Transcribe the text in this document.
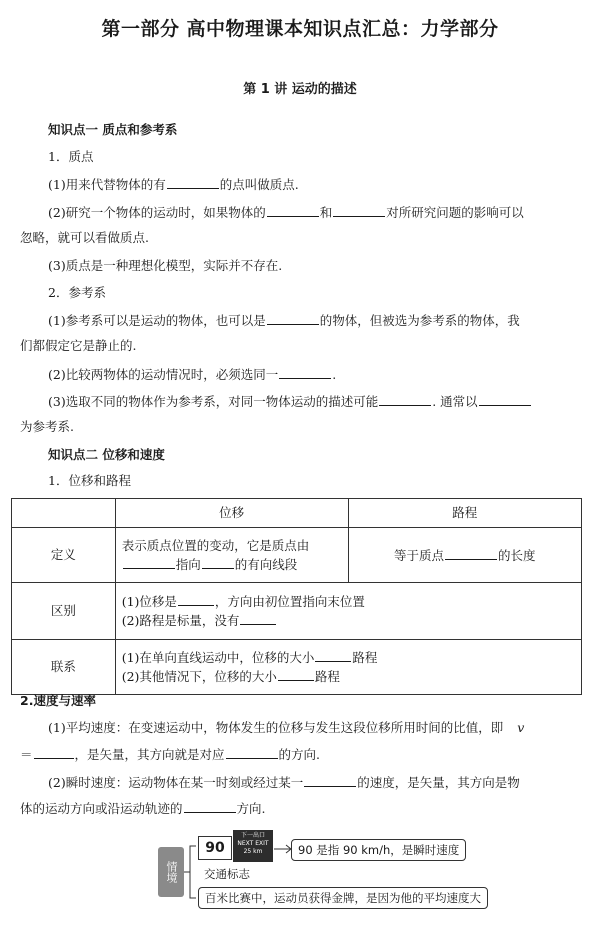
第一部分 高中物理课本知识点汇总：力学部分
第 1 讲 运动的描述
知识点一 质点和参考系
1．质点
(1)用来代替物体的有	的点叫做质点.
(2)研究一个物体的运动时，如果物体的	和	对所研究问题的影响可以
忽略，就可以看做质点.
(3)质点是一种理想化模型，实际并不存在.
2．参考系
(1)参考系可以是运动的物体，也可以是	的物体，但被选为参考系的物体，我
们都假定它是静止的.
(2)比较两物体的运动情况时，必须选同一	.
(3)选取不同的物体作为参考系，对同一物体运动的描述可能	. 通常以
为参考系.
知识点二 位移和速度
1．位移和路程
	位移	路程
定义	表示质点位置的变动，它是质点由
指向 的有向线段	等于质点 的长度
区别	(1)位移是 ，方向由初位置指向末位置
(2)路程是标量，没有	

联系	(1)在单向直线运动中，位移的大小 路程
(2)其他情况下，位移的大小 路程	
2.速度与速率
(1)平均速度：在变速运动中，物体发生的位移与发生这段位移所用时间的比值，即 v
＝	，是矢量，其方向就是对应	的方向.
(2)瞬时速度：运动物体在某一时刻或经过某一	的速度，是矢量，其方向是物
体的运动方向或沿运动轨迹的	方向.
情境
90
下一出口
NEXT EXIT
25 km	90 是指 90 km/h，是瞬时速度
交通标志
百米比赛中，运动员获得金牌，是因为他的平均速度大
